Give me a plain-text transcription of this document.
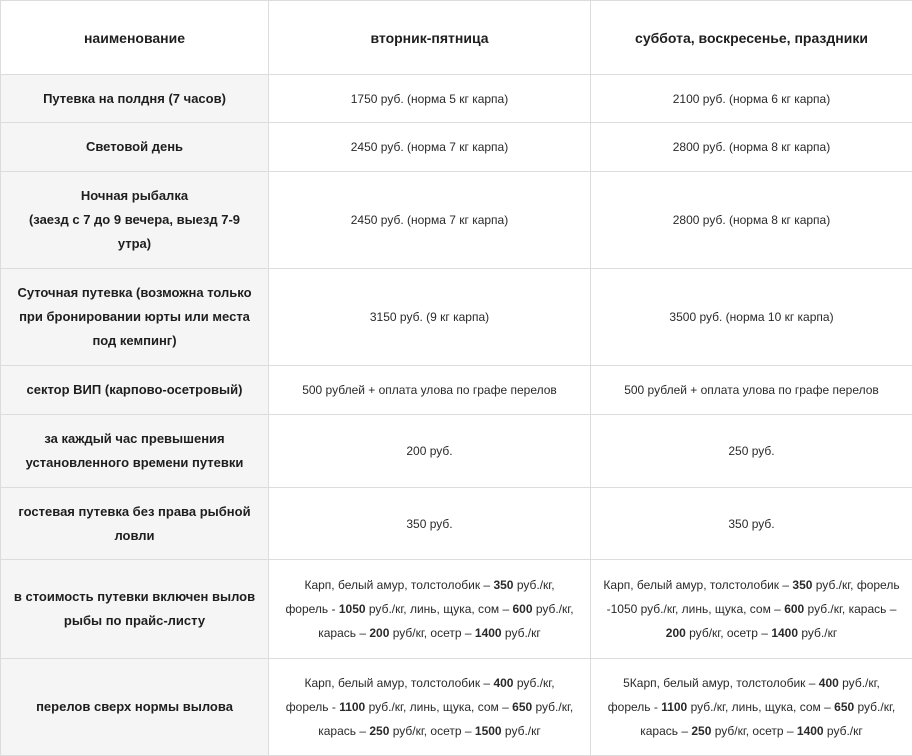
наименование	вторник-пятница	суббота, воскресенье, праздники

Путевка на полдня (7 часов)	1750 руб. (норма 5 кг карпа)	2100 руб. (норма 6 кг карпа)

Световой день	2450 руб. (норма 7 кг карпа)	2800 руб. (норма 8 кг карпа)

Ночная рыбалка
(заезд с 7 до 9 вечера, выезд 7-9
утра)	2450 руб. (норма 7 кг карпа)	2800 руб. (норма 8 кг карпа)

Суточная путевка (возможна только
при бронировании юрты или места
под кемпинг)	3150 руб. (9 кг карпа)	3500 руб. (норма 10 кг карпа)

сектор ВИП (карпово-осетровый)	500 рублей + оплата улова по графе перелов	500 рублей + оплата улова по графе перелов

за каждый час превышения
установленного времени путевки	200 руб.	250 руб.

гостевая путевка без права рыбной
ловли	350 руб.	350 руб.

в стоимость путевки включен вылов
рыбы по прайс-листу	Карп, белый амур, толстолобик – 350 руб./кг,
форель - 1050 руб./кг, линь, щука, сом – 600 руб./кг,
карась – 200 руб/кг, осетр – 1400 руб./кг	Карп, белый амур, толстолобик – 350 руб./кг, форель
-1050 руб./кг, линь, щука, сом – 600 руб./кг, карась –
200 руб/кг, осетр – 1400 руб./кг

перелов сверх нормы вылова	Карп, белый амур, толстолобик – 400 руб./кг,
форель - 1100 руб./кг, линь, щука, сом – 650 руб./кг,
карась – 250 руб/кг, осетр – 1500 руб./кг	5Карп, белый амур, толстолобик – 400 руб./кг,
форель - 1100 руб./кг, линь, щука, сом – 650 руб./кг,
карась – 250 руб/кг, осетр – 1400 руб./кг
